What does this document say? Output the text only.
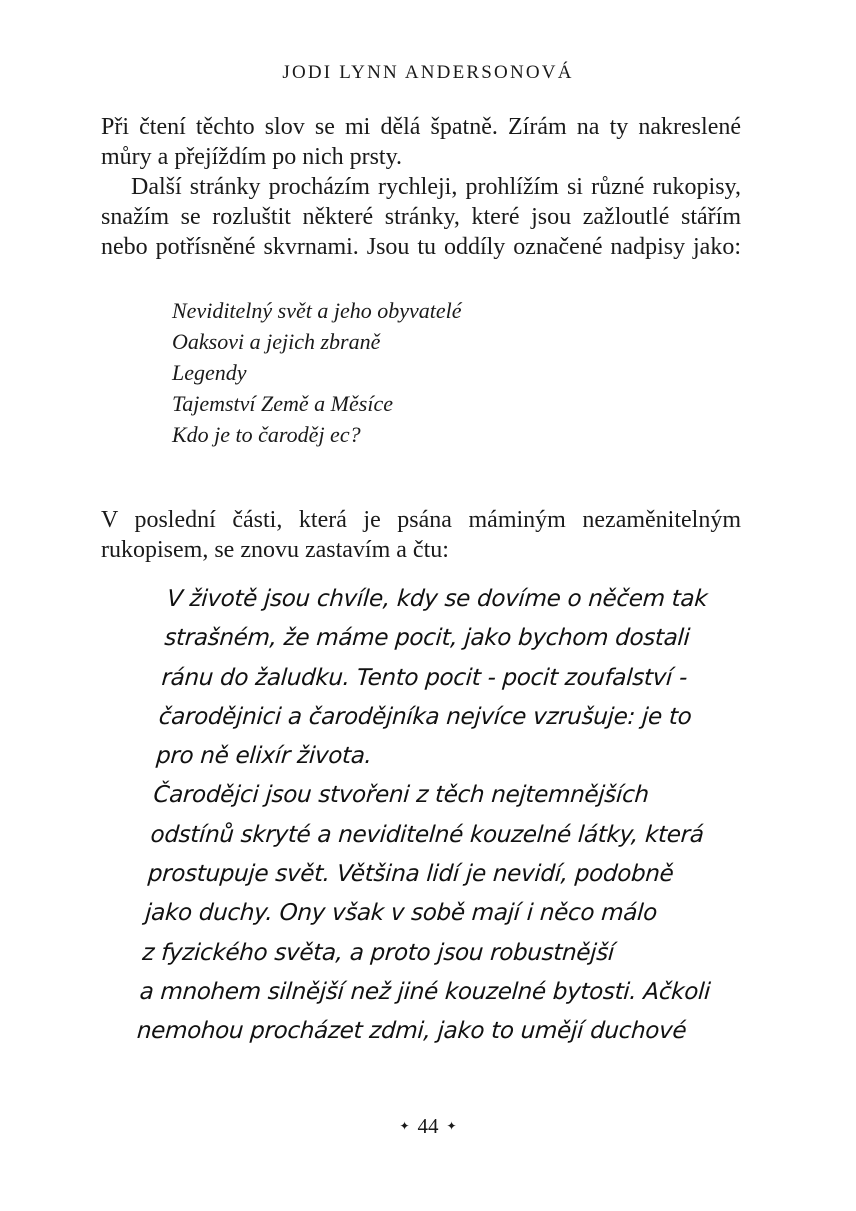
JODI LYNN ANDERSONOVÁ
Při čtení těchto slov se mi dělá špatně. Zírám na ty nakreslené
můry a přejíždím po nich prsty.
Další stránky procházím rychleji, prohlížím si různé rukopisy,
snažím se rozluštit některé stránky, které jsou zažloutlé stářím
nebo potřísněné skvrnami. Jsou tu oddíly označené nadpisy jako:
Neviditelný svět a jeho obyvatelé
Oaksovi a jejich zbraně
Legendy
Tajemství Země a Měsíce
Kdo je to čaroděj ec?
V poslední části, která je psána máminým nezaměnitelným
rukopisem, se znovu zastavím a čtu:
V životě jsou chvíle, kdy se dovíme o něčem tak
strašném, že máme pocit, jako bychom dostali
ránu do žaludku. Tento pocit - pocit zoufalství -
čarodějnici a čarodějníka nejvíce vzrušuje: je to
pro ně elixír života.
Čarodějci jsou stvořeni z těch nejtemnějších
odstínů skryté a neviditelné kouzelné látky, která
prostupuje svět. Většina lidí je nevidí, podobně
jako duchy. Ony však v sobě mají i něco málo
z fyzického světa, a proto jsou robustnější
a mnohem silnější než jiné kouzelné bytosti. Ačkoli
nemohou procházet zdmi, jako to umějí duchové
✦ 44 ✦
